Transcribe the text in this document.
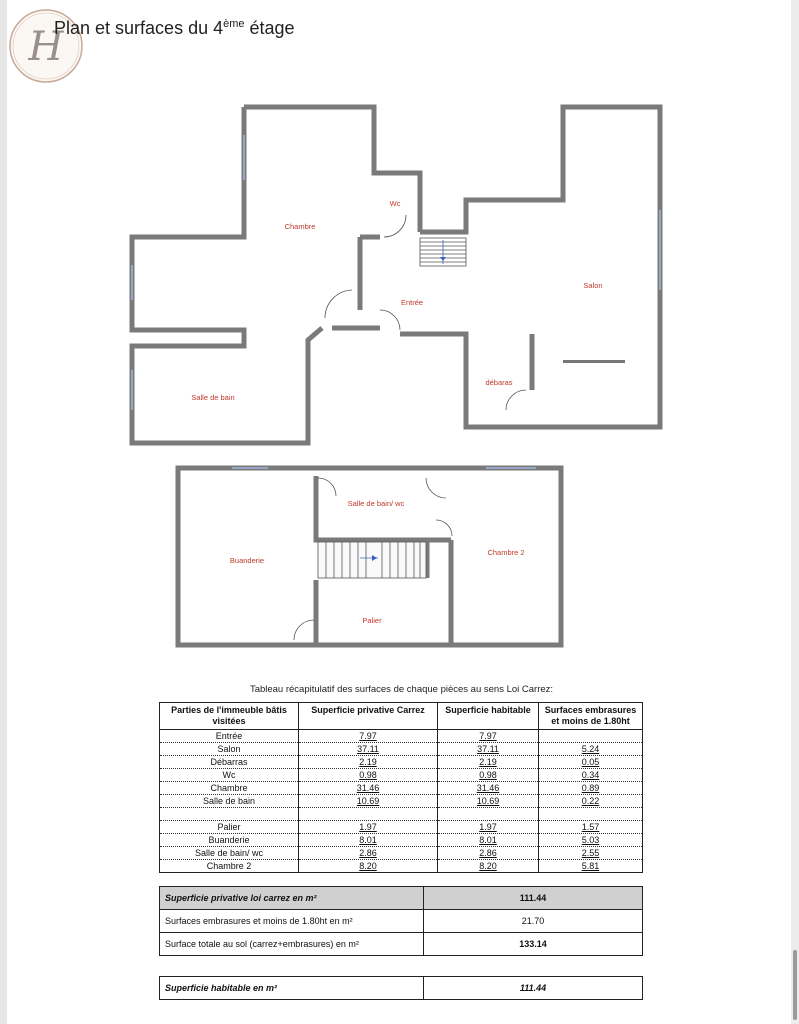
H
Plan et surfaces du 4ème étage
Chambre
Wc
Entrée
Salon
débaras
Salle de bain
Salle de bain/ wc
Buanderie
Chambre 2
Palier
Tableau récapitulatif des surfaces de chaque pièces au sens Loi Carrez:
Parties de l'immeuble bâtis visitées	Superficie privative Carrez	Superficie habitable	Surfaces embrasures et moins de 1.80ht
Entrée	7.97	7.97	
Salon	37.11	37.11	5.24
Débarras	2.19	2.19	0.05
Wc	0.98	0.98	0.34
Chambre	31.46	31.46	0.89
Salle de bain	10.69	10.69	0.22

Palier	1.97	1.97	1.57
Buanderie	8.01	8.01	5.03
Salle de bain/ wc	2.86	2.86	2.55
Chambre 2	8.20	8.20	5.81
Superficie privative loi carrez en m²	111.44
Surfaces embrasures et moins de 1.80ht en m²	21.70
Surface totale au sol (carrez+embrasures) en m²	133.14
Superficie habitable en m²	111.44
